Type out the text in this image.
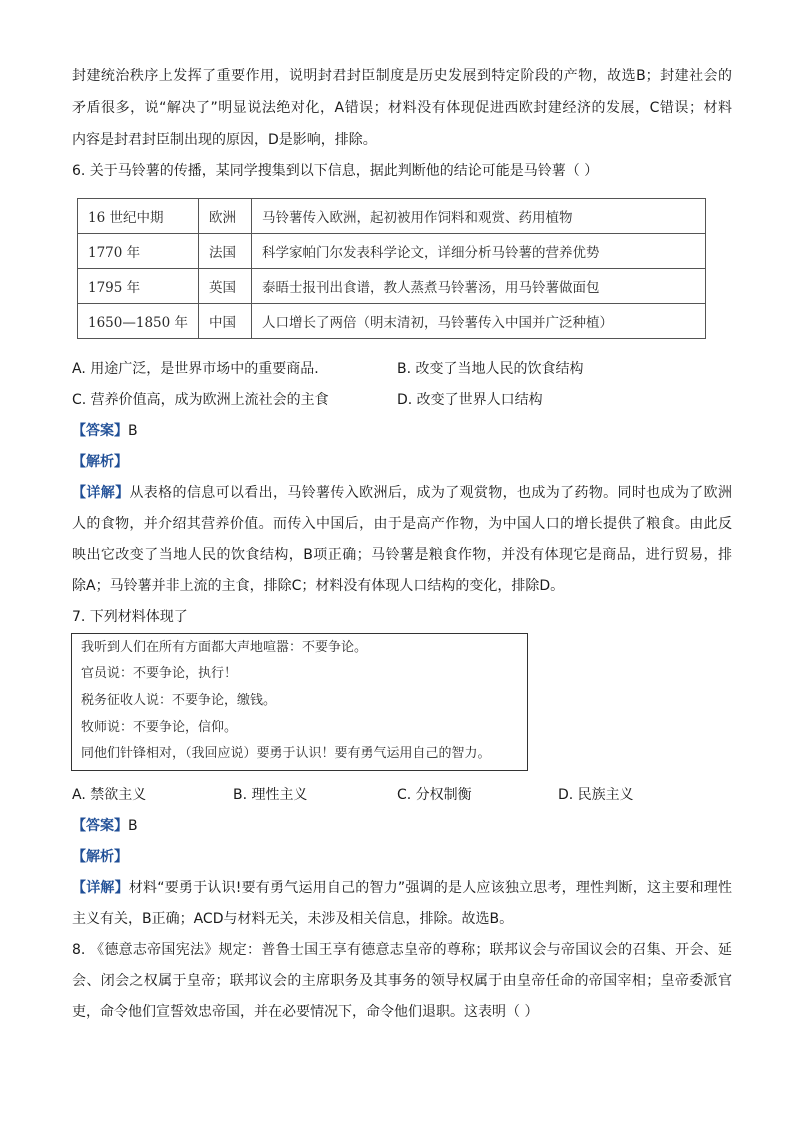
封建统治秩序上发挥了重要作用，说明封君封臣制度是历史发展到特定阶段的产物，故选B；封建社会的
矛盾很多，说“解决了”明显说法绝对化，A错误；材料没有体现促进西欧封建经济的发展，C错误；材料
内容是封君封臣制出现的原因，D是影响，排除。
6. 关于马铃薯的传播，某同学搜集到以下信息，据此判断他的结论可能是马铃薯（ ）
16 世纪中期	欧洲	马铃薯传入欧洲，起初被用作饲料和观赏、药用植物
1770 年	法国	科学家帕门尔发表科学论文，详细分析马铃薯的营养优势
1795 年	英国	泰晤士报刊出食谱，教人蒸煮马铃薯汤，用马铃薯做面包
1650—1850 年	中国	人口增长了两倍（明末清初，马铃薯传入中国并广泛种植）
A. 用途广泛，是世界市场中的重要商品.	B. 改变了当地人民的饮食结构
C. 营养价值高，成为欧洲上流社会的主食	D. 改变了世界人口结构
【答案】B
【解析】
【详解】从表格的信息可以看出，马铃薯传入欧洲后，成为了观赏物，也成为了药物。同时也成为了欧洲
人的食物，并介绍其营养价值。而传入中国后，由于是高产作物，为中国人口的增长提供了粮食。由此反
映出它改变了当地人民的饮食结构，B项正确；马铃薯是粮食作物，并没有体现它是商品，进行贸易，排
除A；马铃薯并非上流的主食，排除C；材料没有体现人口结构的变化，排除D。
7. 下列材料体现了
我听到人们在所有方面都大声地喧嚣：不要争论。
官员说：不要争论，执行！
税务征收人说：不要争论，缴钱。
牧师说：不要争论，信仰。
同他们针锋相对，（我回应说）要勇于认识！要有勇气运用自己的智力。
A. 禁欲主义	B. 理性主义	C. 分权制衡	D. 民族主义
【答案】B
【解析】
【详解】材料“要勇于认识!要有勇气运用自己的智力”强调的是人应该独立思考，理性判断，这主要和理性
主义有关，B正确；ACD与材料无关，未涉及相关信息，排除。故选B。
8. 《德意志帝国宪法》规定：普鲁士国王享有德意志皇帝的尊称；联邦议会与帝国议会的召集、开会、延
会、闭会之权属于皇帝；联邦议会的主席职务及其事务的领导权属于由皇帝任命的帝国宰相；皇帝委派官
吏，命令他们宣誓效忠帝国，并在必要情况下，命令他们退职。这表明（ ）
